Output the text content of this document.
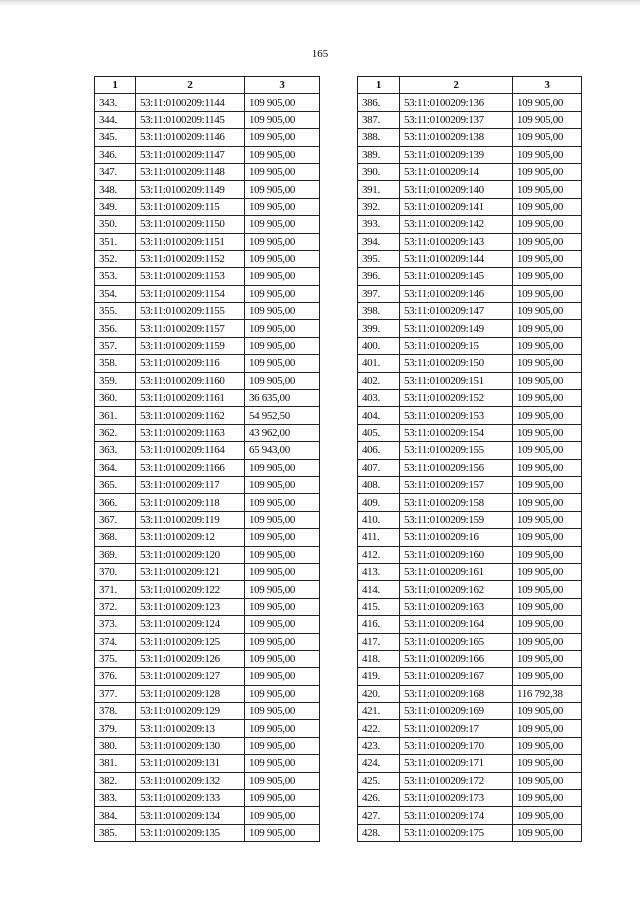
165
1	2	3
343.	53:11:0100209:1144	109 905,00
344.	53:11:0100209:1145	109 905,00
345.	53:11:0100209:1146	109 905,00
346.	53:11:0100209:1147	109 905,00
347.	53:11:0100209:1148	109 905,00
348.	53:11:0100209:1149	109 905,00
349.	53:11:0100209:115	109 905,00
350.	53:11:0100209:1150	109 905,00
351.	53:11:0100209:1151	109 905,00
352.	53:11:0100209:1152	109 905,00
353.	53:11:0100209:1153	109 905,00
354.	53:11:0100209:1154	109 905,00
355.	53:11:0100209:1155	109 905,00
356.	53:11:0100209:1157	109 905,00
357.	53:11:0100209:1159	109 905,00
358.	53:11:0100209:116	109 905,00
359.	53:11:0100209:1160	109 905,00
360.	53:11:0100209:1161	36 635,00
361.	53:11:0100209:1162	54 952,50
362.	53:11:0100209:1163	43 962,00
363.	53:11:0100209:1164	65 943,00
364.	53:11:0100209:1166	109 905,00
365.	53:11:0100209:117	109 905,00
366.	53:11:0100209:118	109 905,00
367.	53:11:0100209:119	109 905,00
368.	53:11:0100209:12	109 905,00
369.	53:11:0100209:120	109 905,00
370.	53:11:0100209:121	109 905,00
371.	53:11:0100209:122	109 905,00
372.	53:11:0100209:123	109 905,00
373.	53:11:0100209:124	109 905,00
374.	53:11:0100209:125	109 905,00
375.	53:11:0100209:126	109 905,00
376.	53:11:0100209:127	109 905,00
377.	53:11:0100209:128	109 905,00
378.	53:11:0100209:129	109 905,00
379.	53:11:0100209:13	109 905,00
380.	53:11:0100209:130	109 905,00
381.	53:11:0100209:131	109 905,00
382.	53:11:0100209:132	109 905,00
383.	53:11:0100209:133	109 905,00
384.	53:11:0100209:134	109 905,00
385.	53:11:0100209:135	109 905,00
1	2	3
386.	53:11:0100209:136	109 905,00
387.	53:11:0100209:137	109 905,00
388.	53:11:0100209:138	109 905,00
389.	53:11:0100209:139	109 905,00
390.	53:11:0100209:14	109 905,00
391.	53:11:0100209:140	109 905,00
392.	53:11:0100209:141	109 905,00
393.	53:11:0100209:142	109 905,00
394.	53:11:0100209:143	109 905,00
395.	53:11:0100209:144	109 905,00
396.	53:11:0100209:145	109 905,00
397.	53:11:0100209:146	109 905,00
398.	53:11:0100209:147	109 905,00
399.	53:11:0100209:149	109 905,00
400.	53:11:0100209:15	109 905,00
401.	53:11:0100209:150	109 905,00
402.	53:11:0100209:151	109 905,00
403.	53:11:0100209:152	109 905,00
404.	53:11:0100209:153	109 905,00
405.	53:11:0100209:154	109 905,00
406.	53:11:0100209:155	109 905,00
407.	53:11:0100209:156	109 905,00
408.	53:11:0100209:157	109 905,00
409.	53:11:0100209:158	109 905,00
410.	53:11:0100209:159	109 905,00
411.	53:11:0100209:16	109 905,00
412.	53:11:0100209:160	109 905,00
413.	53:11:0100209:161	109 905,00
414.	53:11:0100209:162	109 905,00
415.	53:11:0100209:163	109 905,00
416.	53:11:0100209:164	109 905,00
417.	53:11:0100209:165	109 905,00
418.	53:11:0100209:166	109 905,00
419.	53:11:0100209:167	109 905,00
420.	53:11:0100209:168	116 792,38
421.	53:11:0100209:169	109 905,00
422.	53:11:0100209:17	109 905,00
423.	53:11:0100209:170	109 905,00
424.	53:11:0100209:171	109 905,00
425.	53:11:0100209:172	109 905,00
426.	53:11:0100209:173	109 905,00
427.	53:11:0100209:174	109 905,00
428.	53:11:0100209:175	109 905,00
